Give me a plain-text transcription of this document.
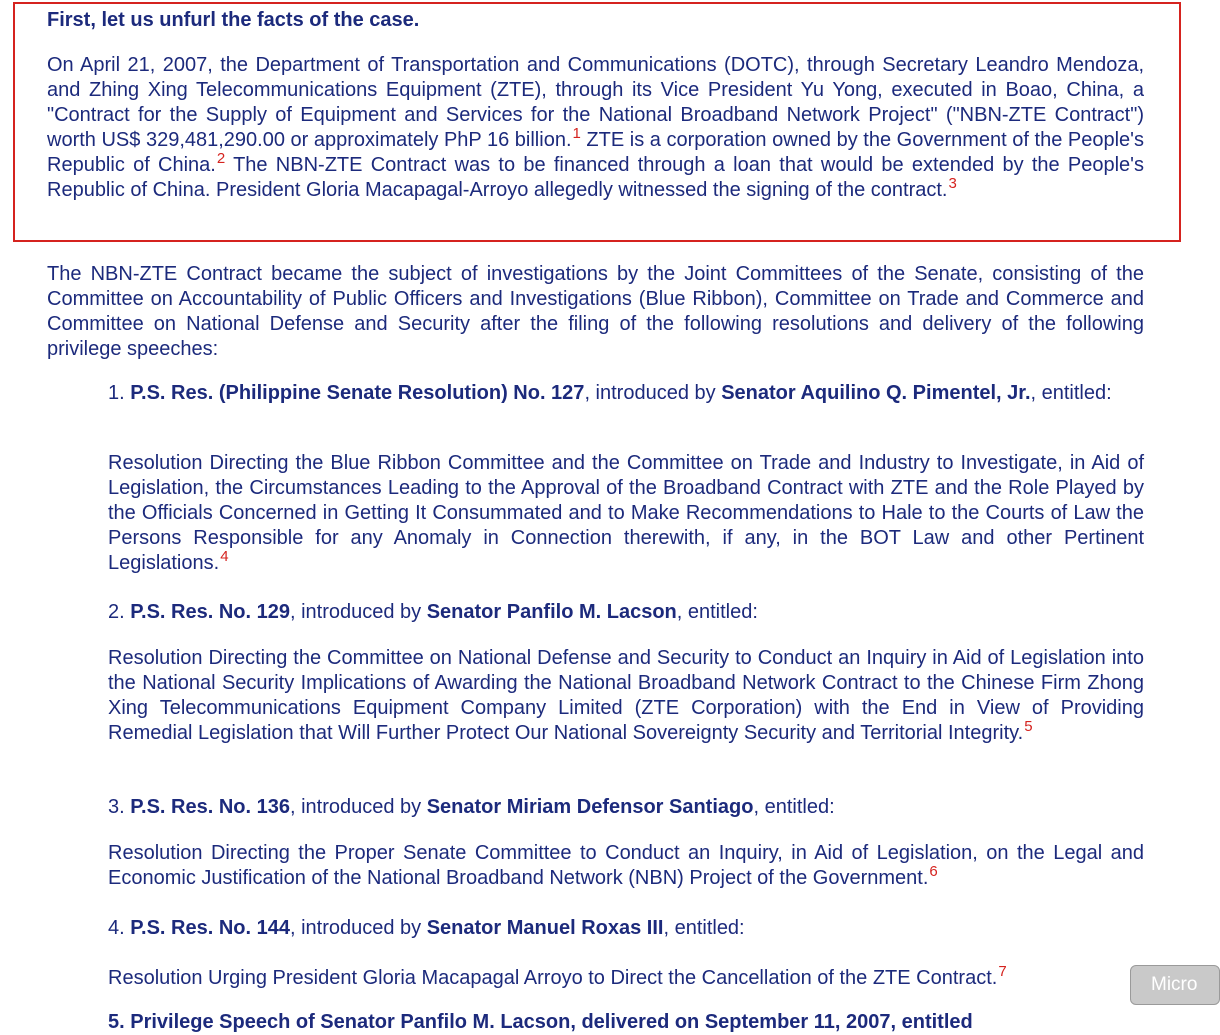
First, let us unfurl the facts of the case.

On April 21, 2007, the Department of Transportation and Communications (DOTC), through Secretary Leandro Mendoza, and Zhing Xing Telecommunications Equipment (ZTE), through its Vice President Yu Yong, executed in Boao, China, a "Contract for the Supply of Equipment and Services for the National Broadband Network Project" ("NBN-ZTE Contract") worth US$ 329,481,290.00 or approximately PhP 16 billion.$^1$ ZTE is a corporation owned by the Government of the People's Republic of China.$^2$ The NBN-ZTE Contract was to be financed through a loan that would be extended by the People's Republic of China. President Gloria Macapagal-Arroyo allegedly witnessed the signing of the contract.$^3$

The NBN-ZTE Contract became the subject of investigations by the Joint Committees of the Senate, consisting of the Committee on Accountability of Public Officers and Investigations (Blue Ribbon), Committee on Trade and Commerce and Committee on National Defense and Security after the filing of the following resolutions and delivery of the following privilege speeches:

1. P.S. Res. (Philippine Senate Resolution) No. 127, introduced by Senator Aquilino Q. Pimentel, Jr., entitled:

Resolution Directing the Blue Ribbon Committee and the Committee on Trade and Industry to Investigate, in Aid of Legislation, the Circumstances Leading to the Approval of the Broadband Contract with ZTE and the Role Played by the Officials Concerned in Getting It Consummated and to Make Recommendations to Hale to the Courts of Law the Persons Responsible for any Anomaly in Connection therewith, if any, in the BOT Law and other Pertinent Legislations.$^4$

2. P.S. Res. No. 129, introduced by Senator Panfilo M. Lacson, entitled:

Resolution Directing the Committee on National Defense and Security to Conduct an Inquiry in Aid of Legislation into the National Security Implications of Awarding the National Broadband Network Contract to the Chinese Firm Zhong Xing Telecommunications Equipment Company Limited (ZTE Corporation) with the End in View of Providing Remedial Legislation that Will Further Protect Our National Sovereignty Security and Territorial Integrity.$^5$

3. P.S. Res. No. 136, introduced by Senator Miriam Defensor Santiago, entitled:

Resolution Directing the Proper Senate Committee to Conduct an Inquiry, in Aid of Legislation, on the Legal and Economic Justification of the National Broadband Network (NBN) Project of the Government.$^6$

4. P.S. Res. No. 144, introduced by Senator Manuel Roxas III, entitled:

Resolution Urging President Gloria Macapagal Arroyo to Direct the Cancellation of the ZTE Contract.$^7$

5. Privilege Speech of Senator Panfilo M. Lacson, delivered on September 11, 2007, entitled
Micro
